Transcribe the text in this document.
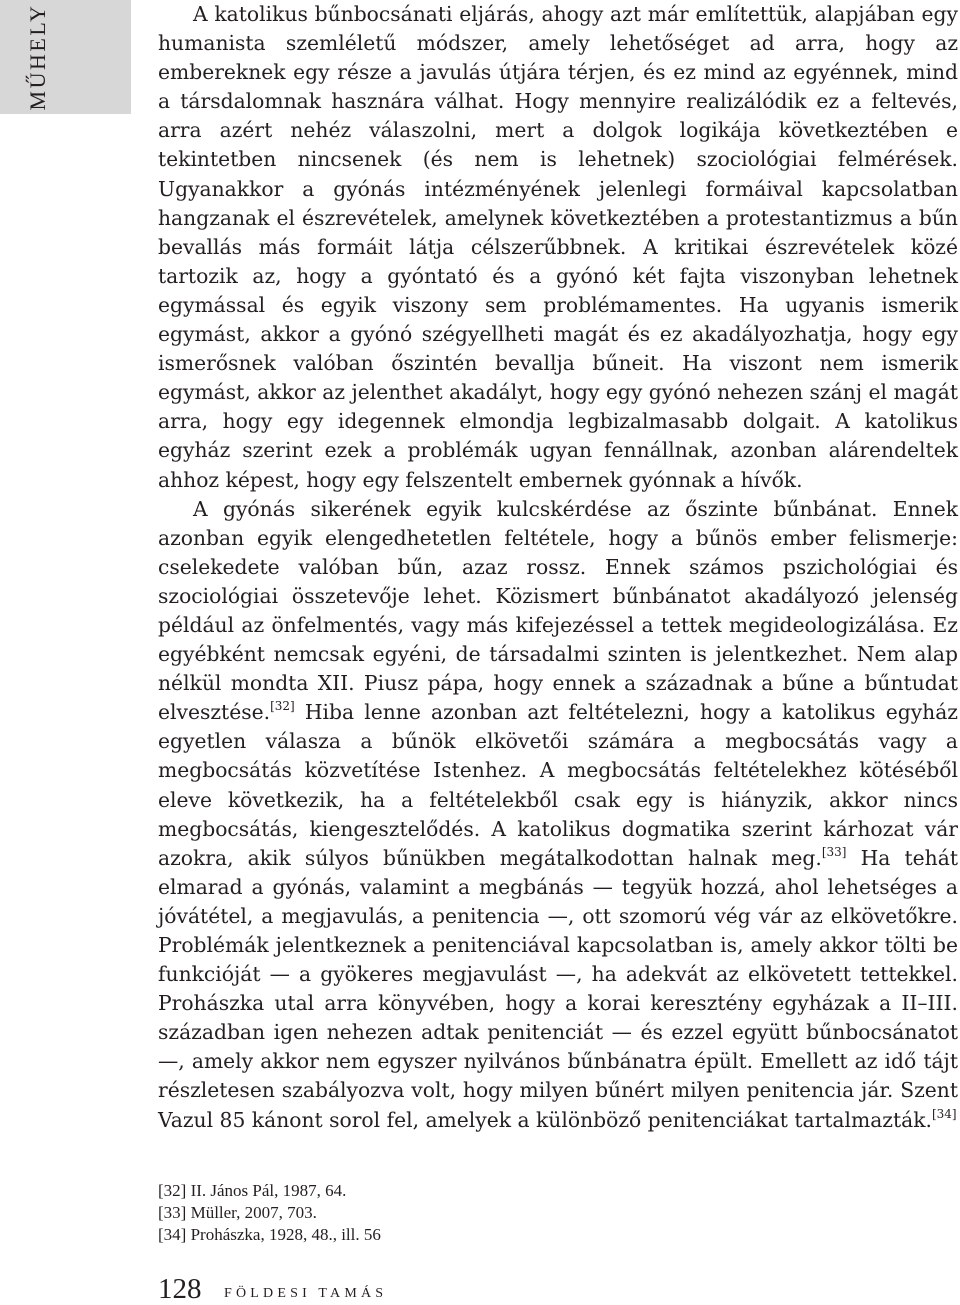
MŰHELY	A katolikus bűnbocsánati eljárás, ahogy azt már említettük, alapjában egy humanista szemléletű módszer, amely lehetőséget ad arra, hogy az embereknek egy része a javulás útjára térjen, és ez mind az egyénnek, mind a társdalomnak hasznára válhat. Hogy mennyire realizálódik ez a feltevés, arra azért nehéz válaszolni, mert a dolgok logikája következtében e tekintetben nincsenek (és nem is lehetnek) szociológiai felmérések. Ugyanakkor a gyónás intézményének jelenlegi formáival kapcsolatban hangzanak el észrevételek, amelynek következtében a protestantizmus a bűn bevallás más formáit látja célszerűbbnek. A kritikai észrevételek közé tartozik az, hogy a gyóntató és a gyónó két fajta viszonyban lehetnek egymással és egyik viszony sem problémamentes. Ha ugyanis ismerik egymást, akkor a gyónó szégyellheti magát és ez akadályozhatja, hogy egy ismerősnek valóban őszintén bevallja bűneit. Ha viszont nem ismerik egymást, akkor az jelenthet akadályt, hogy egy gyónó nehezen szánj el magát arra, hogy egy idegennek elmondja legbizalmasabb dolgait. A katolikus egyház szerint ezek a problémák ugyan fennállnak, azonban alárendeltek ahhoz képest, hogy egy felszentelt embernek gyónnak a hívők.

A gyónás sikerének egyik kulcskérdése az őszinte bűnbánat. Ennek azonban egyik elengedhetetlen feltétele, hogy a bűnös ember felismerje: cselekedete valóban bűn, azaz rossz. Ennek számos pszichológiai és szociológiai összetevője lehet. Közismert bűnbánatot akadályozó jelenség például az önfelmentés, vagy más kifejezéssel a tettek megideologizálása. Ez egyébként nemcsak egyéni, de társadalmi szinten is jelentkezhet. Nem alap nélkül mondta XII. Piusz pápa, hogy ennek a századnak a bűne a bűntudat elvesztése.[32] Hiba lenne azonban azt feltételezni, hogy a katolikus egyház egyetlen válasza a bűnök elkövetői számára a megbocsátás vagy a megbocsátás közvetítése Istenhez. A megbocsátás feltételekhez kötéséből eleve következik, ha a feltételekből csak egy is hiányzik, akkor nincs megbocsátás, kiengesztelődés. A katolikus dogmatika szerint kárhozat vár azokra, akik súlyos bűnükben megátalkodottan halnak meg.[33] Ha tehát elmarad a gyónás, valamint a megbánás — tegyük hozzá, ahol lehetséges a jóvátétel, a megjavulás, a penitencia —, ott szomorú vég vár az elkövetőkre. Problémák jelentkeznek a penitenciával kapcsolatban is, amely akkor tölti be funkcióját — a gyökeres megjavulást —, ha adekvát az elkövetett tettekkel. Prohászka utal arra könyvében, hogy a korai keresztény egyházak a II–III. században igen nehezen adtak penitenciát — és ezzel együtt bűnbocsánatot —, amely akkor nem egyszer nyilvános bűnbánatra épült. Emellett az idő tájt részletesen szabályozva volt, hogy milyen bűnért milyen penitencia jár. Szent Vazul 85 kánont sorol fel, amelyek a különböző penitenciákat tartalmazták.[34]

[32] II. János Pál, 1987, 64.
[33] Müller, 2007, 703.
[34] Prohászka, 1928, 48., ill. 56
128 FÖLDESI TAMÁS
